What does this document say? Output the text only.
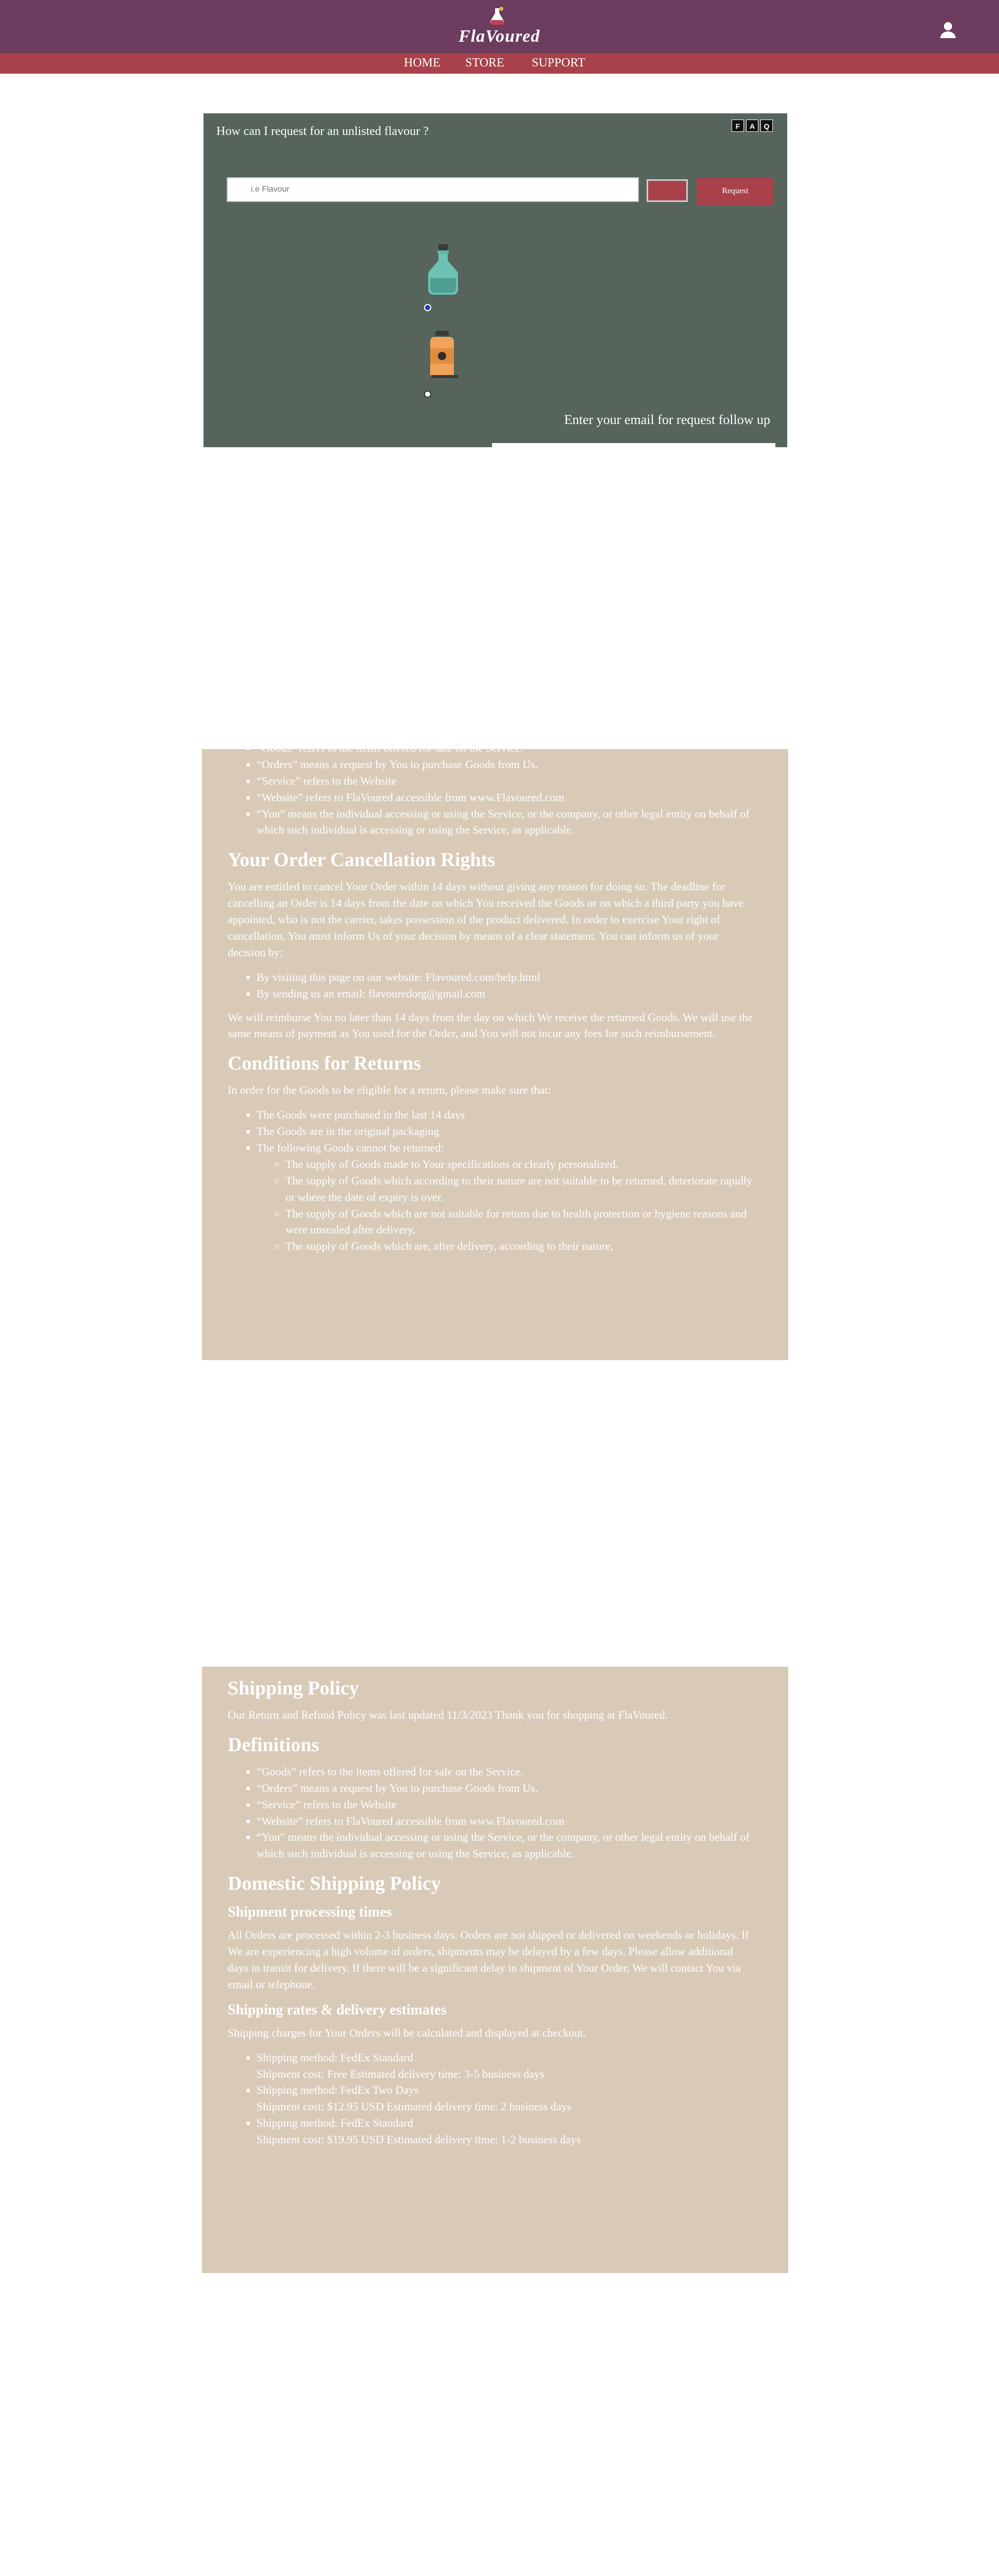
FlaVoured
HOME STORE SUPPORT
How can I request for an unlisted flavour ?	F	A	Q
i.e Flavour
Request
Enter your email for request follow up
• “Goods” refers to the items offered for sale on the Service.
• “Orders” means a request by You to purchase Goods from Us.
• “Service” refers to the Website
• “Website” refers to FlaVoured accessible from www.Flavoured.com
• “You” means the individual accessing or using the Service, or the company, or other legal entity on behalf of which such individual is accessing or using the Service, as applicable.
Your Order Cancellation Rights

You are entitled to cancel Your Order within 14 days without giving any reason for doing so. The deadline for cancelling an Order is 14 days from the date on which You received the Goods or on which a third party you have appointed, who is not the carrier, takes possession of the product delivered. In order to exercise Your right of cancellation, You must inform Us of your decision by means of a clear statement. You can inform us of your decision by:

• By visiting this page on our website: Flavoured.com/help.html
• By sending us an email: flavouredorg@gmail.com

We will reimburse You no later than 14 days from the day on which We receive the returned Goods. We will use the same means of payment as You used for the Order, and You will not incur any fees for such reimbursement.

Conditions for Returns

In order for the Goods to be eligible for a return, please make sure that:

• The Goods were purchased in the last 14 days
• The Goods are in the original packaging
• The following Goods cannot be returned:
◦ The supply of Goods made to Your specifications or clearly personalized.
◦ The supply of Goods which according to their nature are not suitable to be returned, deteriorate rapidly or where the date of expiry is over.
◦ The supply of Goods which are not suitable for return due to health protection or hygiene reasons and were unsealed after delivery.
◦ The supply of Goods which are, after delivery, according to their nature,
Shipping Policy

Our Return and Refund Policy was last updated 11/3/2023 Thank you for shopping at FlaVoured.

Definitions
• “Goods” refers to the items offered for sale on the Service.
• “Orders” means a request by You to purchase Goods from Us.
• “Service” refers to the Website
• “Website” refers to FlaVoured accessible from www.Flavoured.com
• “You” means the individual accessing or using the Service, or the company, or other legal entity on behalf of which such individual is accessing or using the Service, as applicable.
Domestic Shipping Policy
Shipment processing times

All Orders are processed within 2-3 business days. Orders are not shipped or delivered on weekends or holidays. If We are experiencing a high volume of orders, shipments may be delayed by a few days. Please allow additional days in transit for delivery. If there will be a significant delay in shipment of Your Order, We will contact You via email or telephone.

Shipping rates & delivery estimates

Shipping charges for Your Orders will be calculated and displayed at checkout.

• Shipping method: FedEx Standard
Shipment cost: Free Estimated delivery time: 3-5 business days
• Shipping method: FedEx Two Days
Shipment cost: $12.95 USD Estimated delivery time: 2 business days
• Shipping method: FedEx Standard
Shipment cost: $19.95 USD Estimated delivery time: 1-2 business days
